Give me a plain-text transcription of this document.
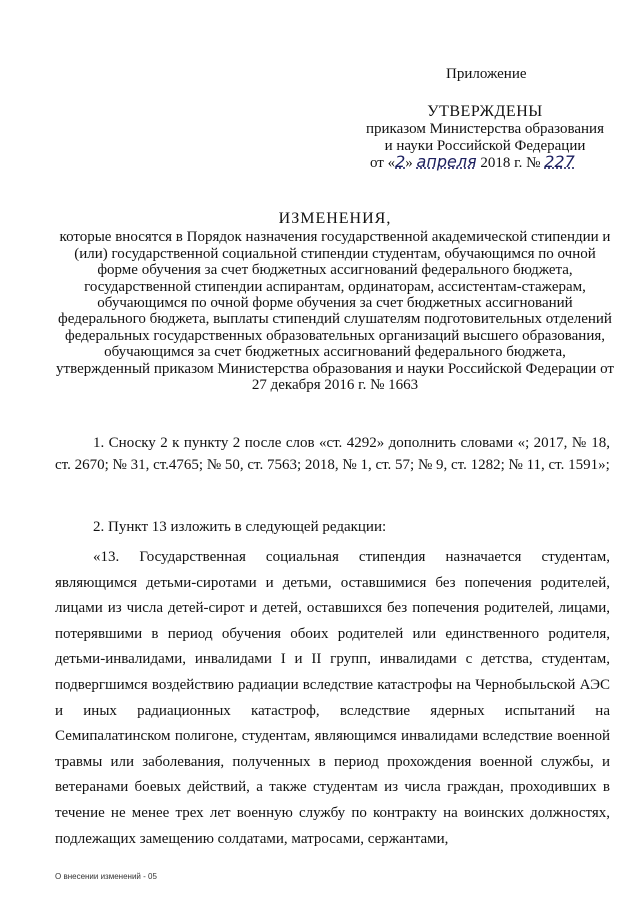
Приложение
УТВЕРЖДЕНЫ
приказом Министерства образования
и науки Российской Федерации
от «2» апреля 2018 г. № 227
ИЗМЕНЕНИЯ,
которые вносятся в Порядок назначения государственной академической стипендии и (или) государственной социальной стипендии студентам, обучающимся по очной форме обучения за счет бюджетных ассигнований федерального бюджета, государственной стипендии аспирантам, ординаторам, ассистентам-стажерам, обучающимся по очной форме обучения за счет бюджетных ассигнований федерального бюджета, выплаты стипендий слушателям подготовительных отделений федеральных государственных образовательных организаций высшего образования, обучающимся за счет бюджетных ассигнований федерального бюджета, утвержденный приказом Министерства образования и науки Российской Федерации от 27 декабря 2016 г. № 1663
1. Сноску 2 к пункту 2 после слов «ст. 4292» дополнить словами «; 2017, № 18, ст. 2670; № 31, ст.4765; № 50, ст. 7563; 2018, № 1, ст. 57; № 9, ст. 1282; № 11, ст. 1591»;
2. Пункт 13 изложить в следующей редакции:
«13. Государственная социальная стипендия назначается студентам, являющимся детьми-сиротами и детьми, оставшимися без попечения родителей, лицами из числа детей-сирот и детей, оставшихся без попечения родителей, лицами, потерявшими в период обучения обоих родителей или единственного родителя, детьми-инвалидами, инвалидами I и II групп, инвалидами с детства, студентам, подвергшимся воздействию радиации вследствие катастрофы на Чернобыльской АЭС и иных радиационных катастроф, вследствие ядерных испытаний на Семипалатинском полигоне, студентам, являющимся инвалидами вследствие военной травмы или заболевания, полученных в период прохождения военной службы, и ветеранами боевых действий, а также студентам из числа граждан, проходивших в течение не менее трех лет военную службу по контракту на воинских должностях, подлежащих замещению солдатами, матросами, сержантами,
О внесении изменений - 05
